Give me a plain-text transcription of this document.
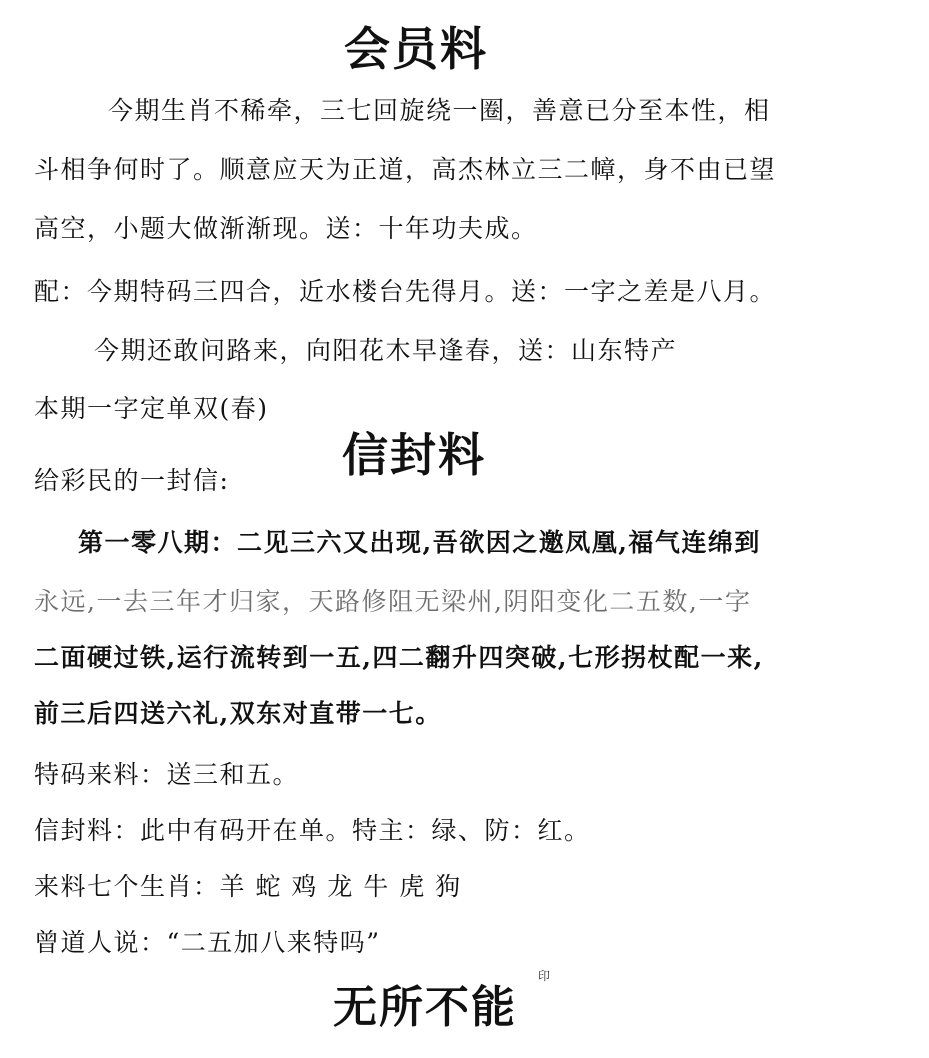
会员料
今期生肖不稀牵，三七回旋绕一圈，善意已分至本性，相
斗相争何时了。顺意应天为正道，高杰林立三二幛，身不由已望
高空，小题大做渐渐现。送：十年功夫成。
配：今期特码三四合，近水楼台先得月。送：一字之差是八月。
今期还敢问路来，向阳花木早逢春，送：山东特产
本期一字定单双(春)
信封料
给彩民的一封信:
第一零八期：二见三六又出现,吾欲因之邀凤凰,福气连绵到
永远,一去三年才归家，天路修阻无梁州,阴阳变化二五数,一字
二面硬过铁,运行流转到一五,四二翻升四突破,七形拐杖配一来,
前三后四送六礼,双东对直带一七。
特码来料：送三和五。
信封料：此中有码开在单。特主：绿、防：红。
来料七个生肖：羊 蛇 鸡 龙 牛 虎 狗
曾道人说：“二五加八来特吗”
无所不能
印
